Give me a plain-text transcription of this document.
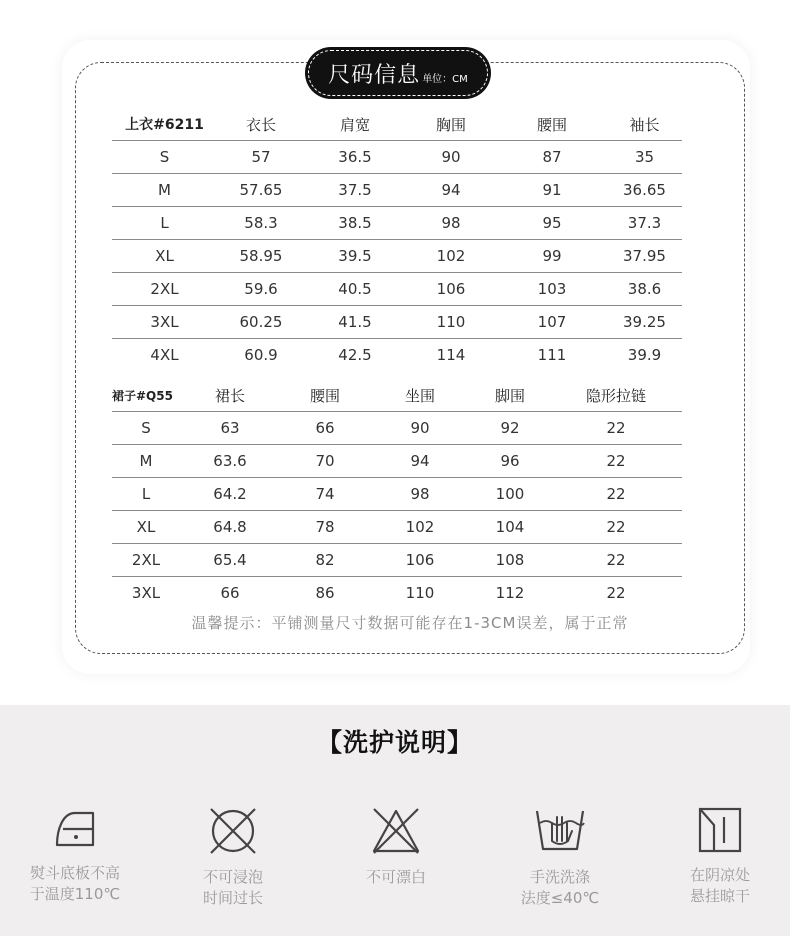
尺码信息 单位：CM
上衣#6211	衣长	肩宽	胸围	腰围	袖长
S	57	36.5	90	87	35
M	57.65	37.5	94	91	36.65
L	58.3	38.5	98	95	37.3
XL	58.95	39.5	102	99	37.95
2XL	59.6	40.5	106	103	38.6
3XL	60.25	41.5	110	107	39.25
4XL	60.9	42.5	114	111	39.9
裙子#Q55	裙长	腰围	坐围	脚围	隐形拉链
S	63	66	90	92	22
M	63.6	70	94	96	22
L	64.2	74	98	100	22
XL	64.8	78	102	104	22
2XL	65.4	82	106	108	22
3XL	66	86	110	112	22
温馨提示：平铺测量尺寸数据可能存在1-3CM误差，属于正常
【洗护说明】
熨斗底板不高
于温度110℃
不可浸泡
时间过长
不可漂白	手洗洗涤
法度≤40℃
在阴凉处
悬挂晾干
